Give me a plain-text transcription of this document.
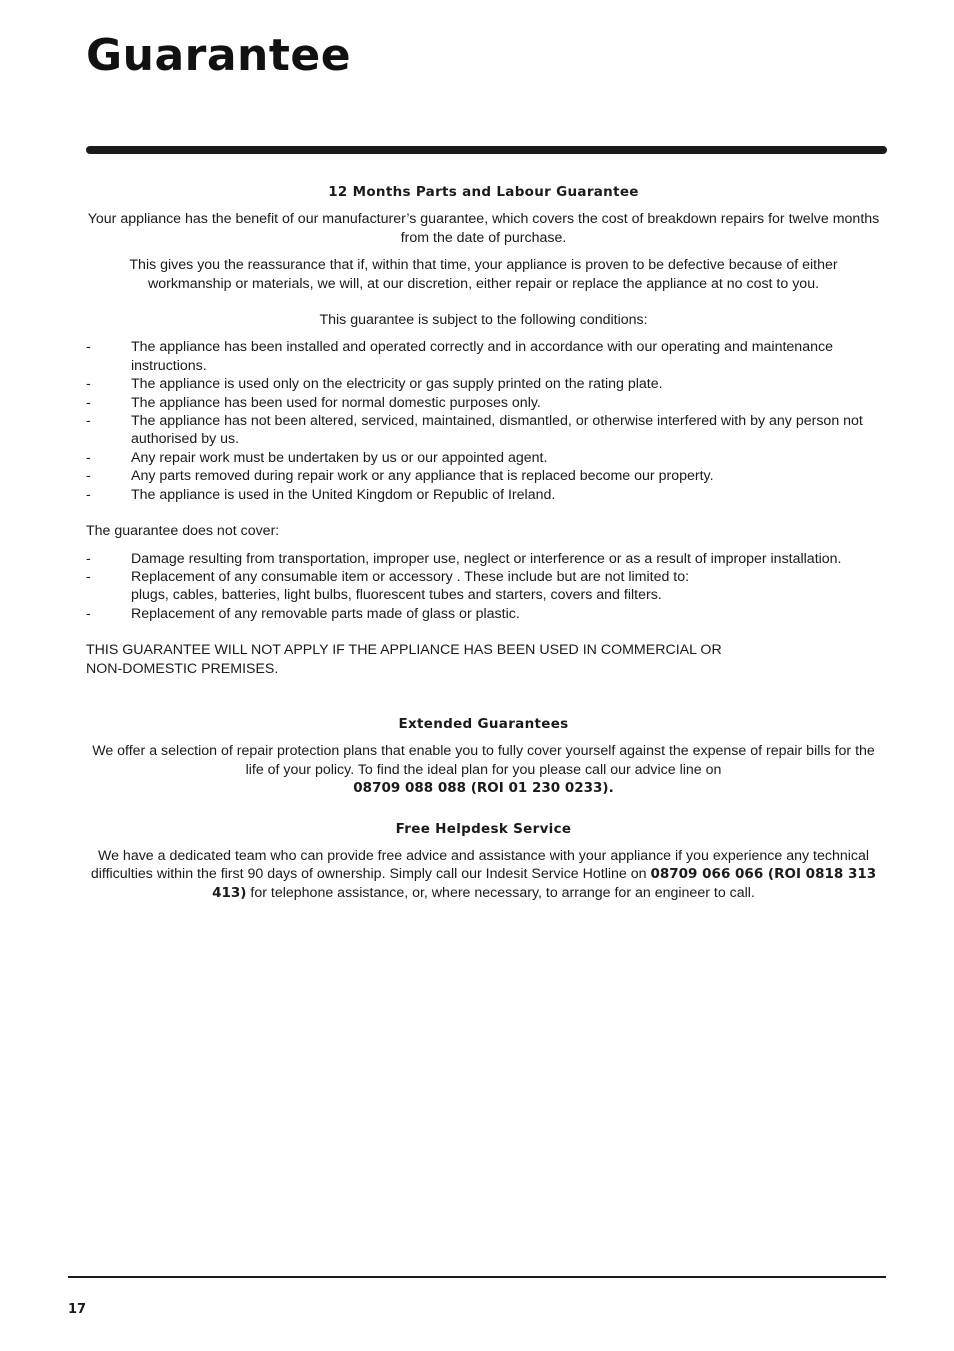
Guarantee
12 Months Parts and Labour Guarantee
Your appliance has the benefit of our manufacturer’s guarantee, which covers the cost of breakdown repairs for twelve months from the date of purchase.
This gives you the reassurance that if, within that time, your appliance is proven to be defective because of either workmanship or materials, we will, at our discretion, either repair or replace the appliance at no cost to you.
This guarantee is subject to the following conditions:
- The appliance has been installed and operated correctly and in accordance with our operating and maintenance instructions.
- The appliance is used only on the electricity or gas supply printed on the rating plate.
- The appliance has been used for normal domestic purposes only.
- The appliance has not been altered, serviced, maintained, dismantled, or otherwise interfered with by any person not authorised by us.
- Any repair work must be undertaken by us or our appointed agent.
- Any parts removed during repair work or any appliance that is replaced become our property.
- The appliance is used in the United Kingdom or Republic of Ireland.
The guarantee does not cover:
- Damage resulting from transportation, improper use, neglect or interference or as a result of improper installation.
- Replacement of any consumable item or accessory . These include but are not limited to:
plugs, cables, batteries, light bulbs, fluorescent tubes and starters, covers and filters.
- Replacement of any removable parts made of glass or plastic.
THIS GUARANTEE WILL NOT APPLY IF THE APPLIANCE HAS BEEN USED IN COMMERCIAL OR
NON-DOMESTIC PREMISES.
Extended Guarantees
We offer a selection of repair protection plans that enable you to fully cover yourself against the expense of repair bills for the life of your policy. To find the ideal plan for you please call our advice line on
08709 088 088 (ROI 01 230 0233).
Free Helpdesk Service
We have a dedicated team who can provide free advice and assistance with your appliance if you experience any technical difficulties within the first 90 days of ownership. Simply call our Indesit Service Hotline on 08709 066 066 (ROI 0818 313 413) for telephone assistance, or, where necessary, to arrange for an engineer to call.
17
